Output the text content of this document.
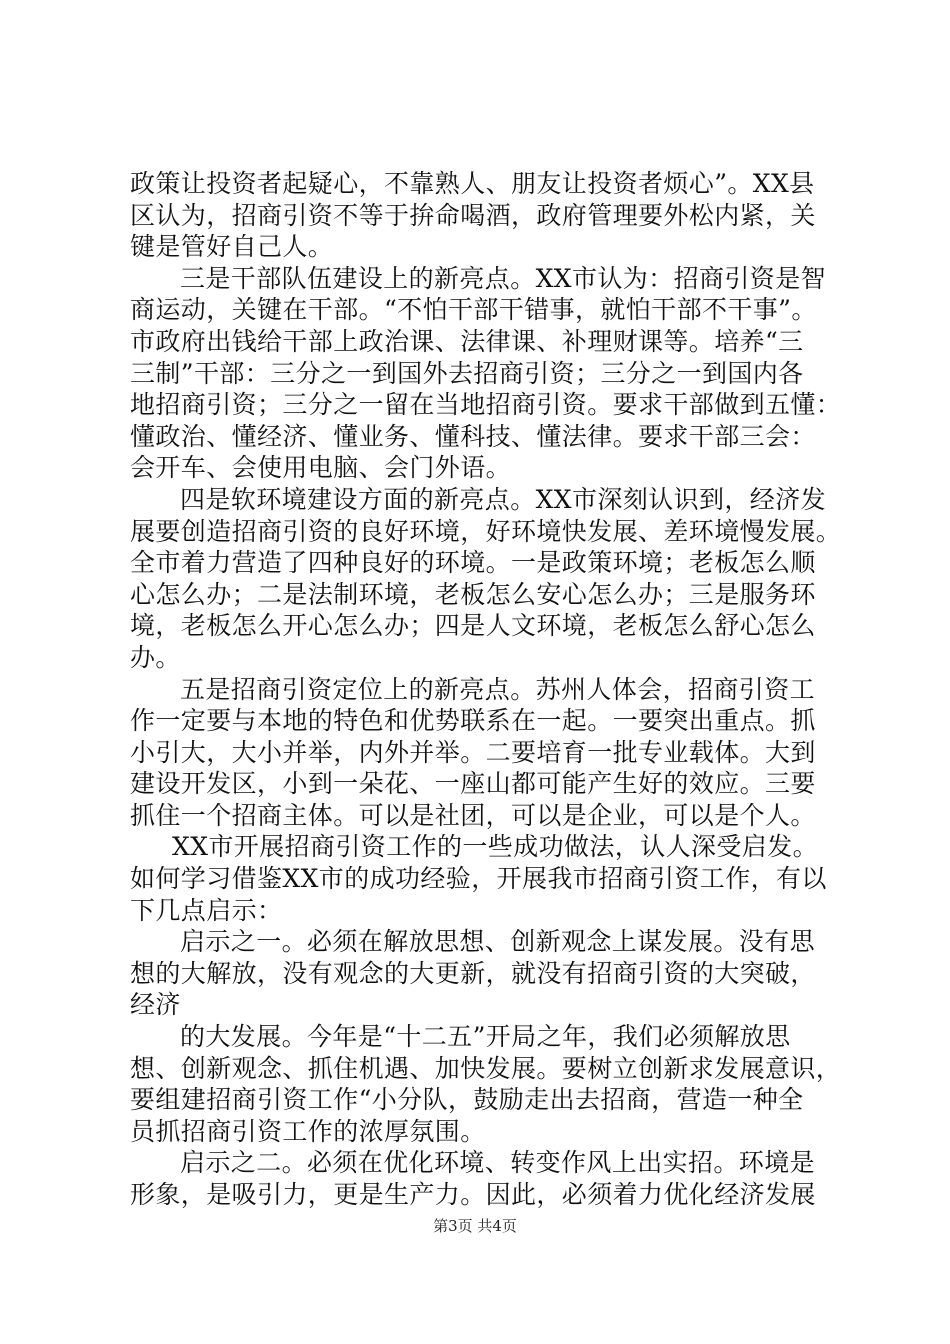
政策让投资者起疑心，不靠熟人、朋友让投资者烦心”。XX县
区认为，招商引资不等于拚命喝酒，政府管理要外松内紧，关
键是管好自己人。
三是干部队伍建设上的新亮点。XX市认为：招商引资是智
商运动，关键在干部。“不怕干部干错事，就怕干部不干事”。
市政府出钱给干部上政治课、法律课、补理财课等。培养“三
三制”干部：三分之一到国外去招商引资；三分之一到国内各
地招商引资；三分之一留在当地招商引资。要求干部做到五懂：
懂政治、懂经济、懂业务、懂科技、懂法律。要求干部三会：
会开车、会使用电脑、会门外语。
四是软环境建设方面的新亮点。XX市深刻认识到，经济发
展要创造招商引资的良好环境，好环境快发展、差环境慢发展。
全市着力营造了四种良好的环境。一是政策环境；老板怎么顺
心怎么办；二是法制环境，老板怎么安心怎么办；三是服务环
境，老板怎么开心怎么办；四是人文环境，老板怎么舒心怎么
办。
五是招商引资定位上的新亮点。苏州人体会，招商引资工
作一定要与本地的特色和优势联系在一起。一要突出重点。抓
小引大，大小并举，内外并举。二要培育一批专业载体。大到
建设开发区，小到一朵花、一座山都可能产生好的效应。三要
抓住一个招商主体。可以是社团，可以是企业，可以是个人。
XX市开展招商引资工作的一些成功做法，认人深受启发。
如何学习借鉴XX市的成功经验，开展我市招商引资工作，有以
下几点启示：
启示之一。必须在解放思想、创新观念上谋发展。没有思
想的大解放，没有观念的大更新，就没有招商引资的大突破，
经济
的大发展。今年是“十二五”开局之年，我们必须解放思
想、创新观念、抓住机遇、加快发展。要树立创新求发展意识，
要组建招商引资工作“小分队，鼓励走出去招商，营造一种全
员抓招商引资工作的浓厚氛围。
启示之二。必须在优化环境、转变作风上出实招。环境是
形象，是吸引力，更是生产力。因此，必须着力优化经济发展
第3页 共4页
